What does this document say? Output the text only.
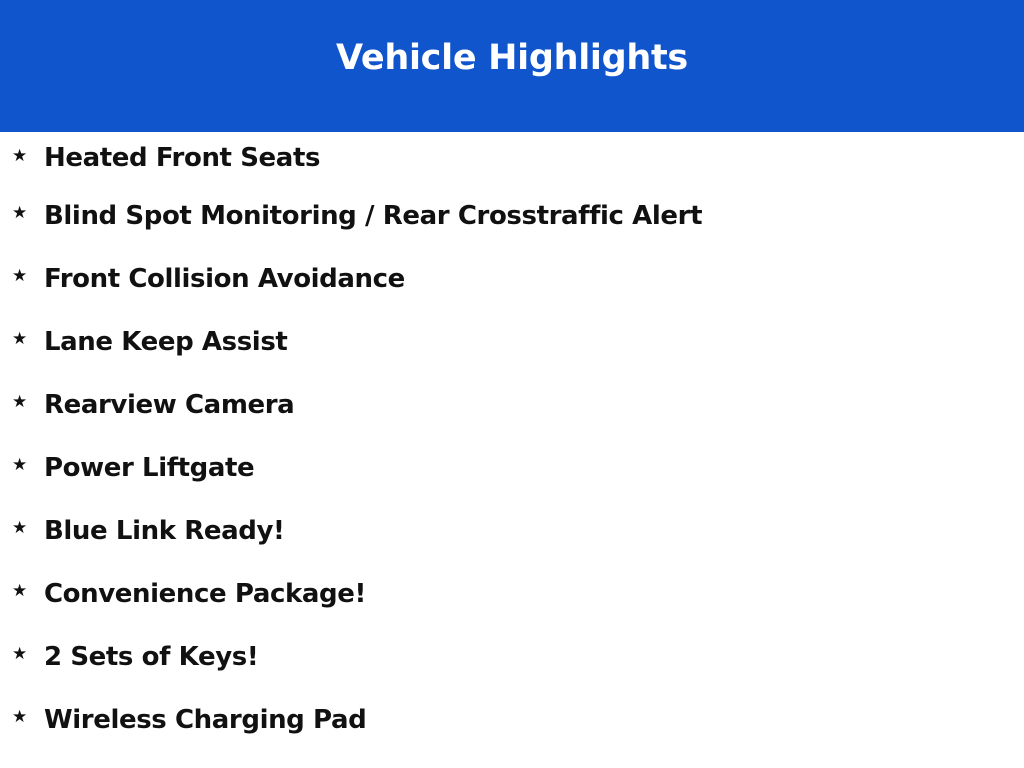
Vehicle Highlights
★ Heated Front Seats
★ Blind Spot Monitoring / Rear Crosstraffic Alert
★ Front Collision Avoidance
★ Lane Keep Assist
★ Rearview Camera
★ Power Liftgate
★ Blue Link Ready!
★ Convenience Package!
★ 2 Sets of Keys!
★ Wireless Charging Pad
